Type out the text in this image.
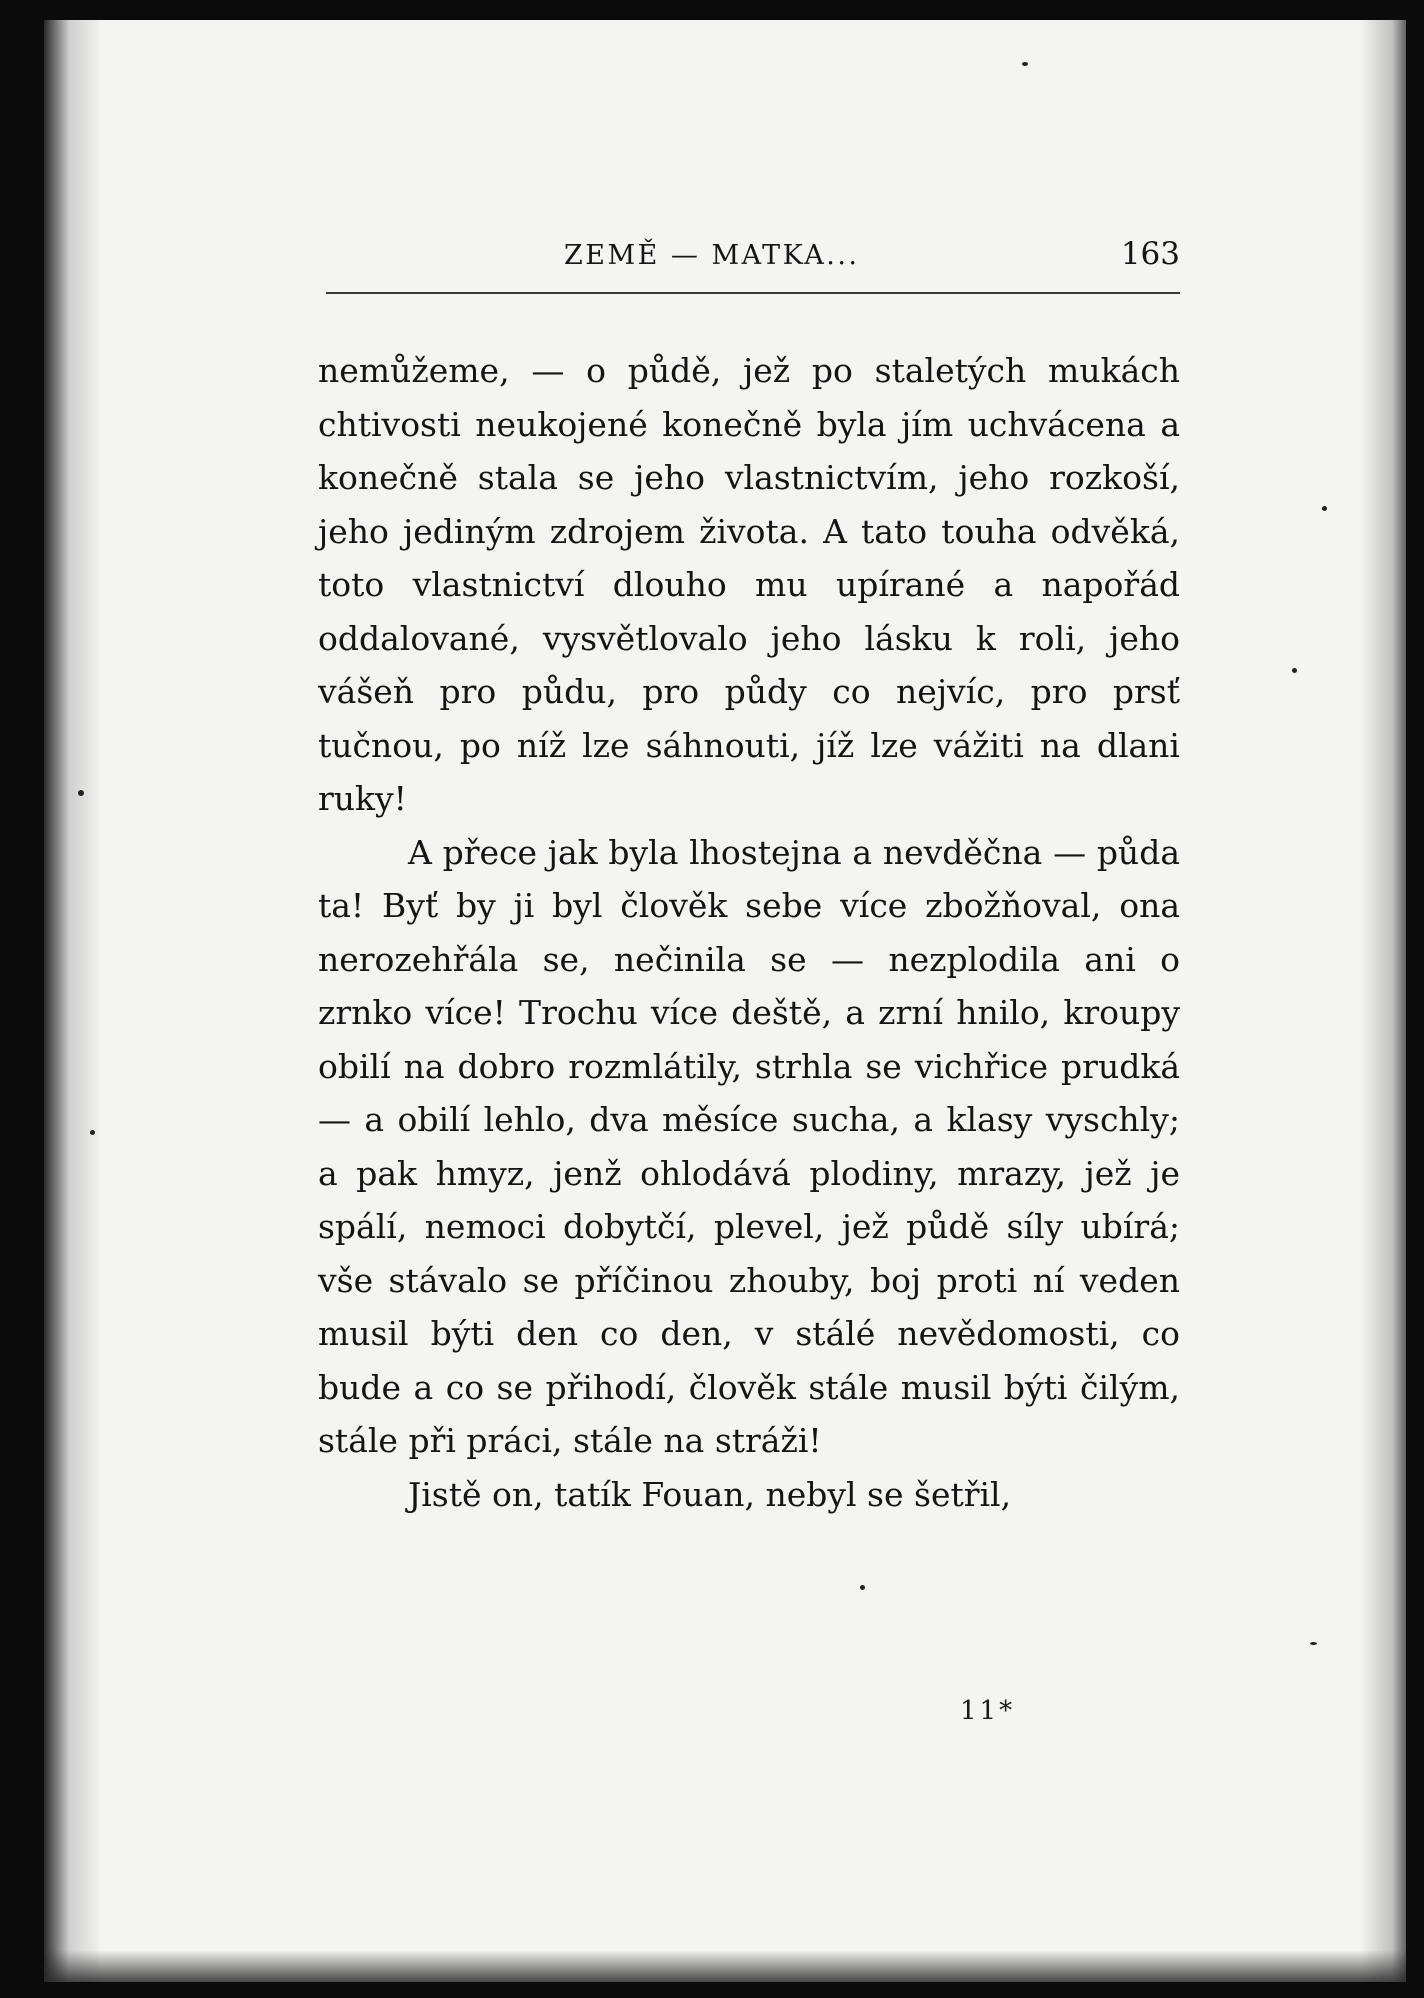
ZEMĚ — MATKA...	163

nemůžeme, — o půdě, jež po staletých mukách chtivosti neukojené konečně byla jím uchvácena a konečně stala se jeho vlastnictvím, jeho rozkoší, jeho jediným zdrojem života. A tato touha odvěká, toto vlastnictví dlouho mu upírané a napořád oddalované, vysvětlovalo jeho lásku k roli, jeho vášeň pro půdu, pro půdy co nejvíc, pro prsť tučnou, po níž lze sáhnouti, jíž lze vážiti na dlani ruky!

A přece jak byla lhostejna a nevděčna — půda ta! Byť by ji byl člověk sebe více zbožňoval, ona nerozehřála se, nečinila se — nezplodila ani o zrnko více! Trochu více deště, a zrní hnilo, kroupy obilí na dobro rozmlátily, strhla se vichřice prudká — a obilí lehlo, dva měsíce sucha, a klasy vyschly; a pak hmyz, jenž ohlodává plodiny, mrazy, jež je spálí, nemoci dobytčí, plevel, jež půdě síly ubírá; vše stávalo se příčinou zhouby, boj proti ní veden musil býti den co den, v stálé nevědomosti, co bude a co se přihodí, člověk stále musil býti čilým, stále při práci, stále na stráži!

Jistě on, tatík Fouan, nebyl se šetřil,

11*
